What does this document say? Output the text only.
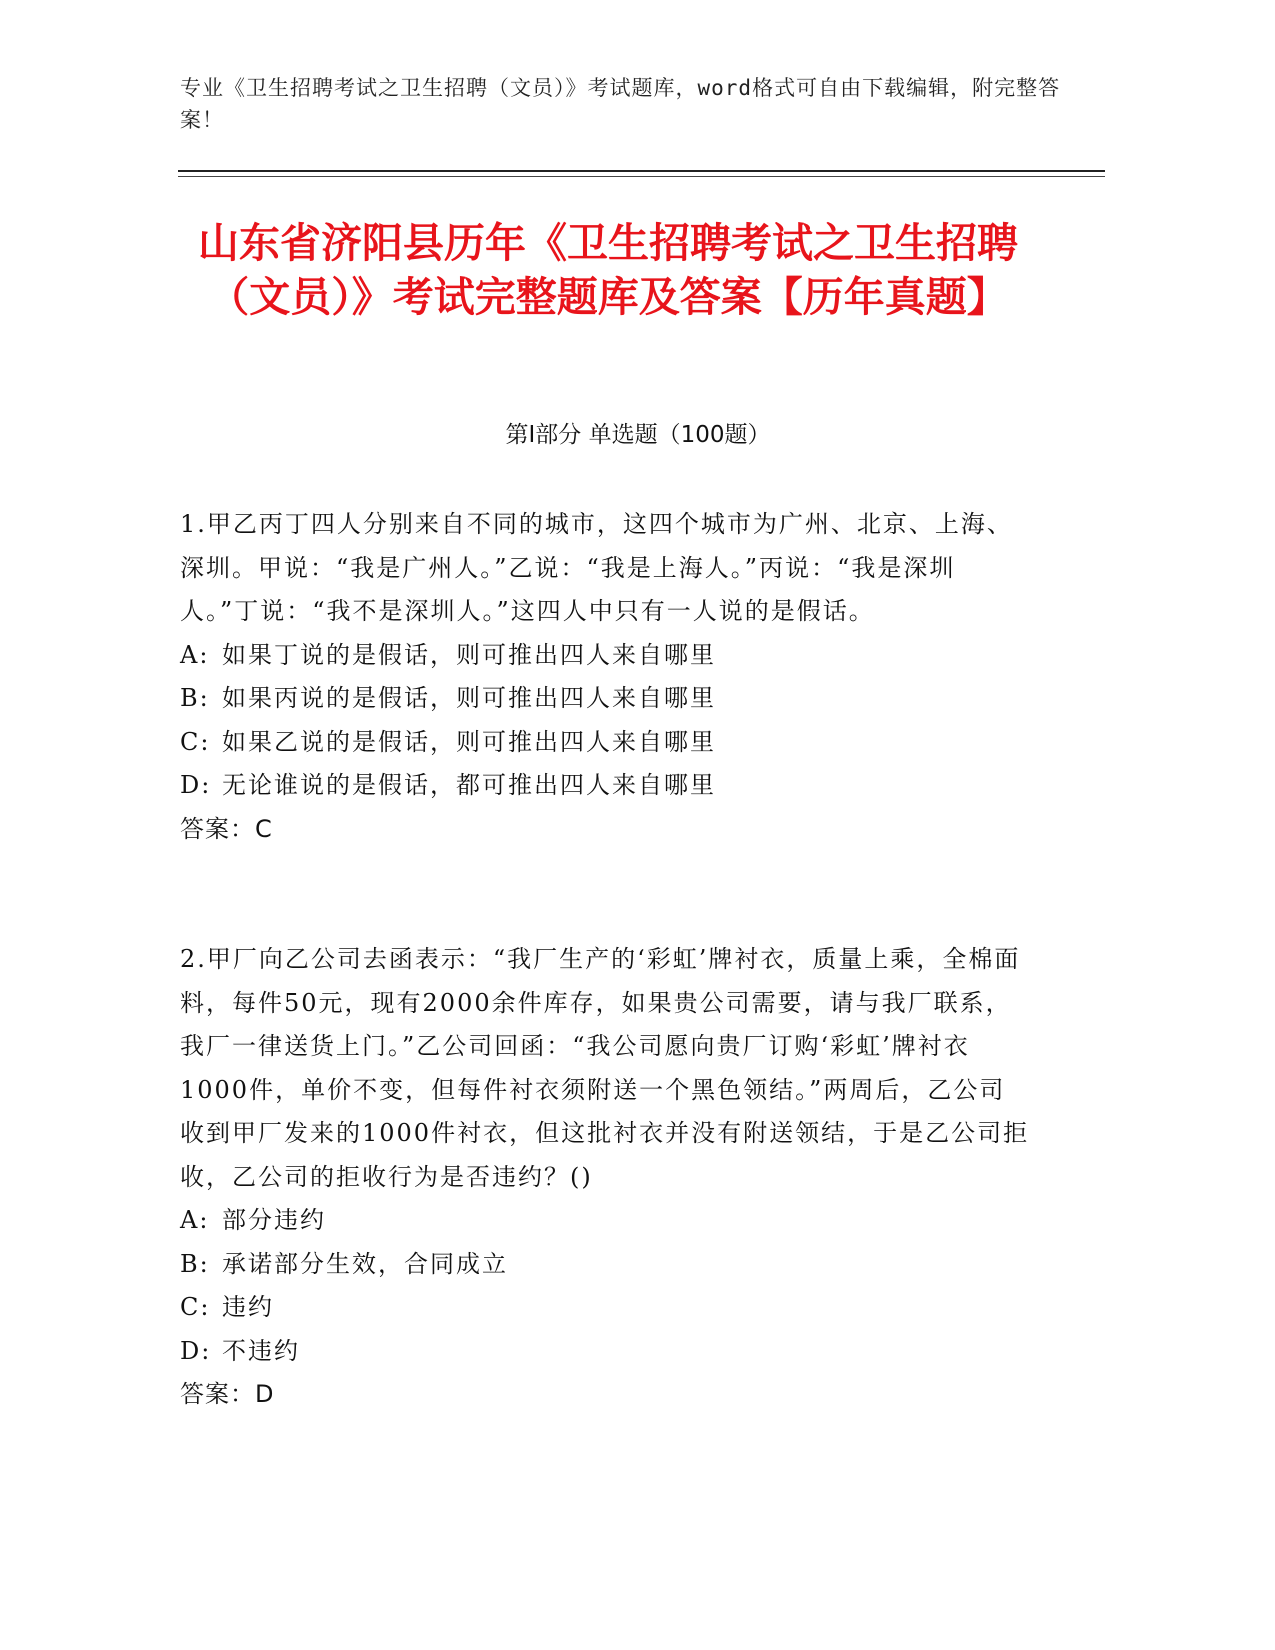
专业《卫生招聘考试之卫生招聘（文员）》考试题库，word格式可自由下载编辑，附完整答案！
山东省济阳县历年《卫生招聘考试之卫生招聘（文员）》考试完整题库及答案【历年真题】
第Ⅰ部分 单选题（100题）

1.甲乙丙丁四人分别来自不同的城市，这四个城市为广州、北京、上海、深圳。甲说：“我是广州人。”乙说：“我是上海人。”丙说：“我是深圳人。”丁说：“我不是深圳人。”这四人中只有一人说的是假话。

A: 如果丁说的是假话，则可推出四人来自哪里
B: 如果丙说的是假话，则可推出四人来自哪里
C: 如果乙说的是假话，则可推出四人来自哪里
D: 无论谁说的是假话，都可推出四人来自哪里
答案：C

2.甲厂向乙公司去函表示：“我厂生产的‘彩虹’牌衬衣，质量上乘，全棉面料，每件50元，现有2000余件库存，如果贵公司需要，请与我厂联系，我厂一律送货上门。”乙公司回函：“我公司愿向贵厂订购‘彩虹’牌衬衣1000件，单价不变，但每件衬衣须附送一个黑色领结。”两周后，乙公司收到甲厂发来的1000件衬衣，但这批衬衣并没有附送领结，于是乙公司拒收，乙公司的拒收行为是否违约？()

A: 部分违约
B: 承诺部分生效，合同成立
C: 违约
D: 不违约
答案：D
